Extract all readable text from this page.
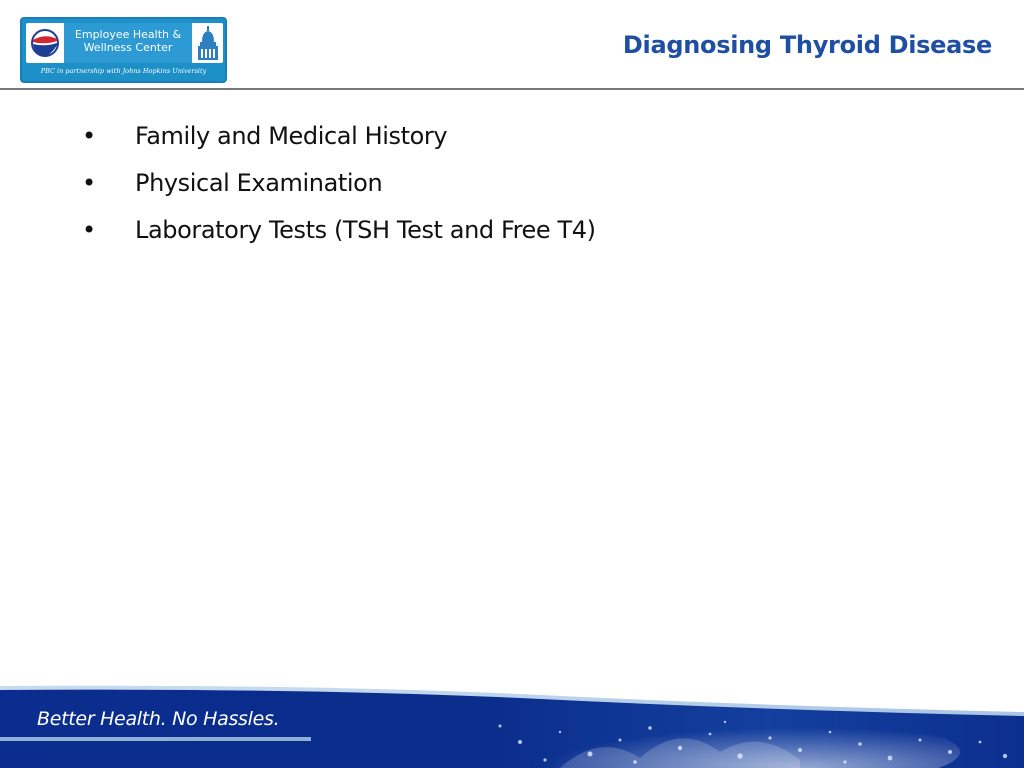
Employee Health &
Wellness Center
PBC in partnership with Johns Hopkins University
Diagnosing Thyroid Disease
• Family and Medical History
• Physical Examination
• Laboratory Tests (TSH Test and Free T4)
Better Health. No Hassles.
